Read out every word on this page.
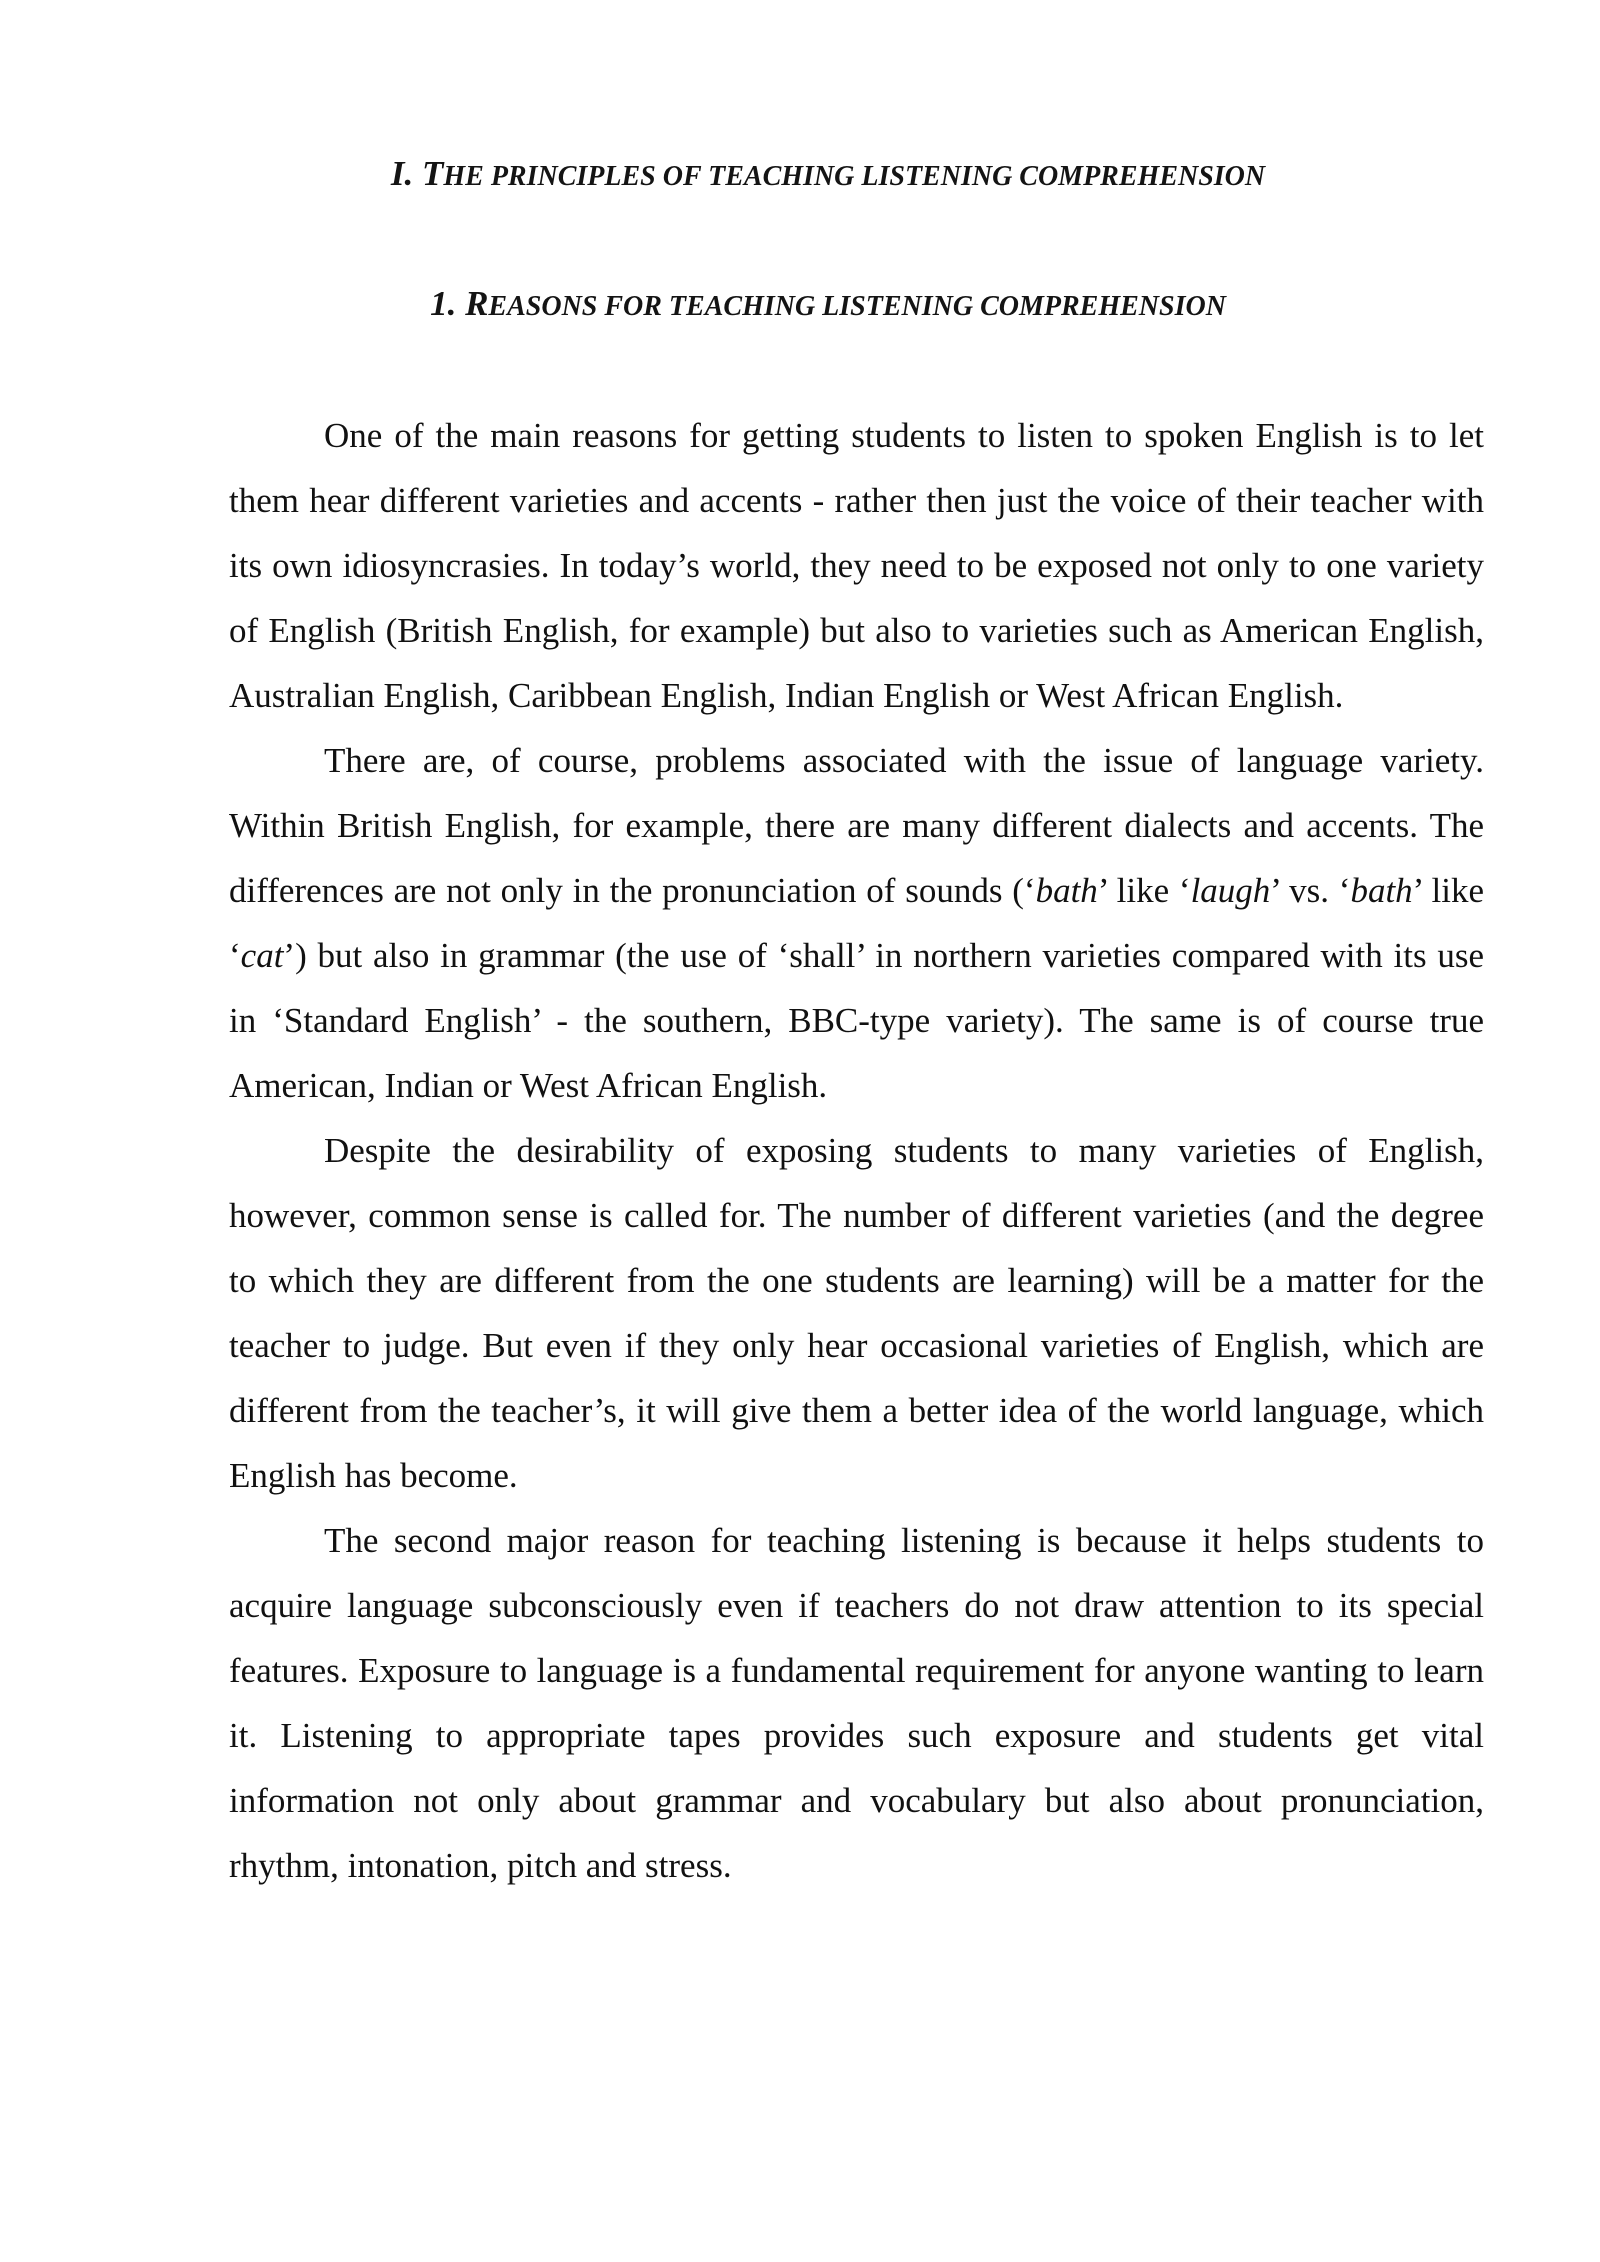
I. THE PRINCIPLES OF TEACHING LISTENING COMPREHENSION
1. REASONS FOR TEACHING LISTENING COMPREHENSION

One of the main reasons for getting students to listen to spoken English is to let them hear different varieties and accents - rather then just the voice of their teacher with its own idiosyncrasies. In today’s world, they need to be exposed not only to one variety of English (British English, for example) but also to varieties such as American English, Australian English, Caribbean English, Indian English or West African English.

There are, of course, problems associated with the issue of language variety. Within British English, for example, there are many different dialects and accents. The differences are not only in the pronunciation of sounds (‘bath’ like ‘laugh’ vs. ‘bath’ like ‘cat’) but also in grammar (the use of ‘shall’ in northern varieties compared with its use in ‘Standard English’ - the southern, BBC-type variety). The same is of course true American, Indian or West African English.

Despite the desirability of exposing students to many varieties of English, however, common sense is called for. The number of different varieties (and the degree to which they are different from the one students are learning) will be a matter for the teacher to judge. But even if they only hear occasional varieties of English, which are different from the teacher’s, it will give them a better idea of the world language, which English has become.

The second major reason for teaching listening is because it helps students to acquire language subconsciously even if teachers do not draw attention to its special features. Exposure to language is a fundamental requirement for anyone wanting to learn it. Listening to appropriate tapes provides such exposure and students get vital information not only about grammar and vocabulary but also about pronunciation, rhythm, intonation, pitch and stress.
